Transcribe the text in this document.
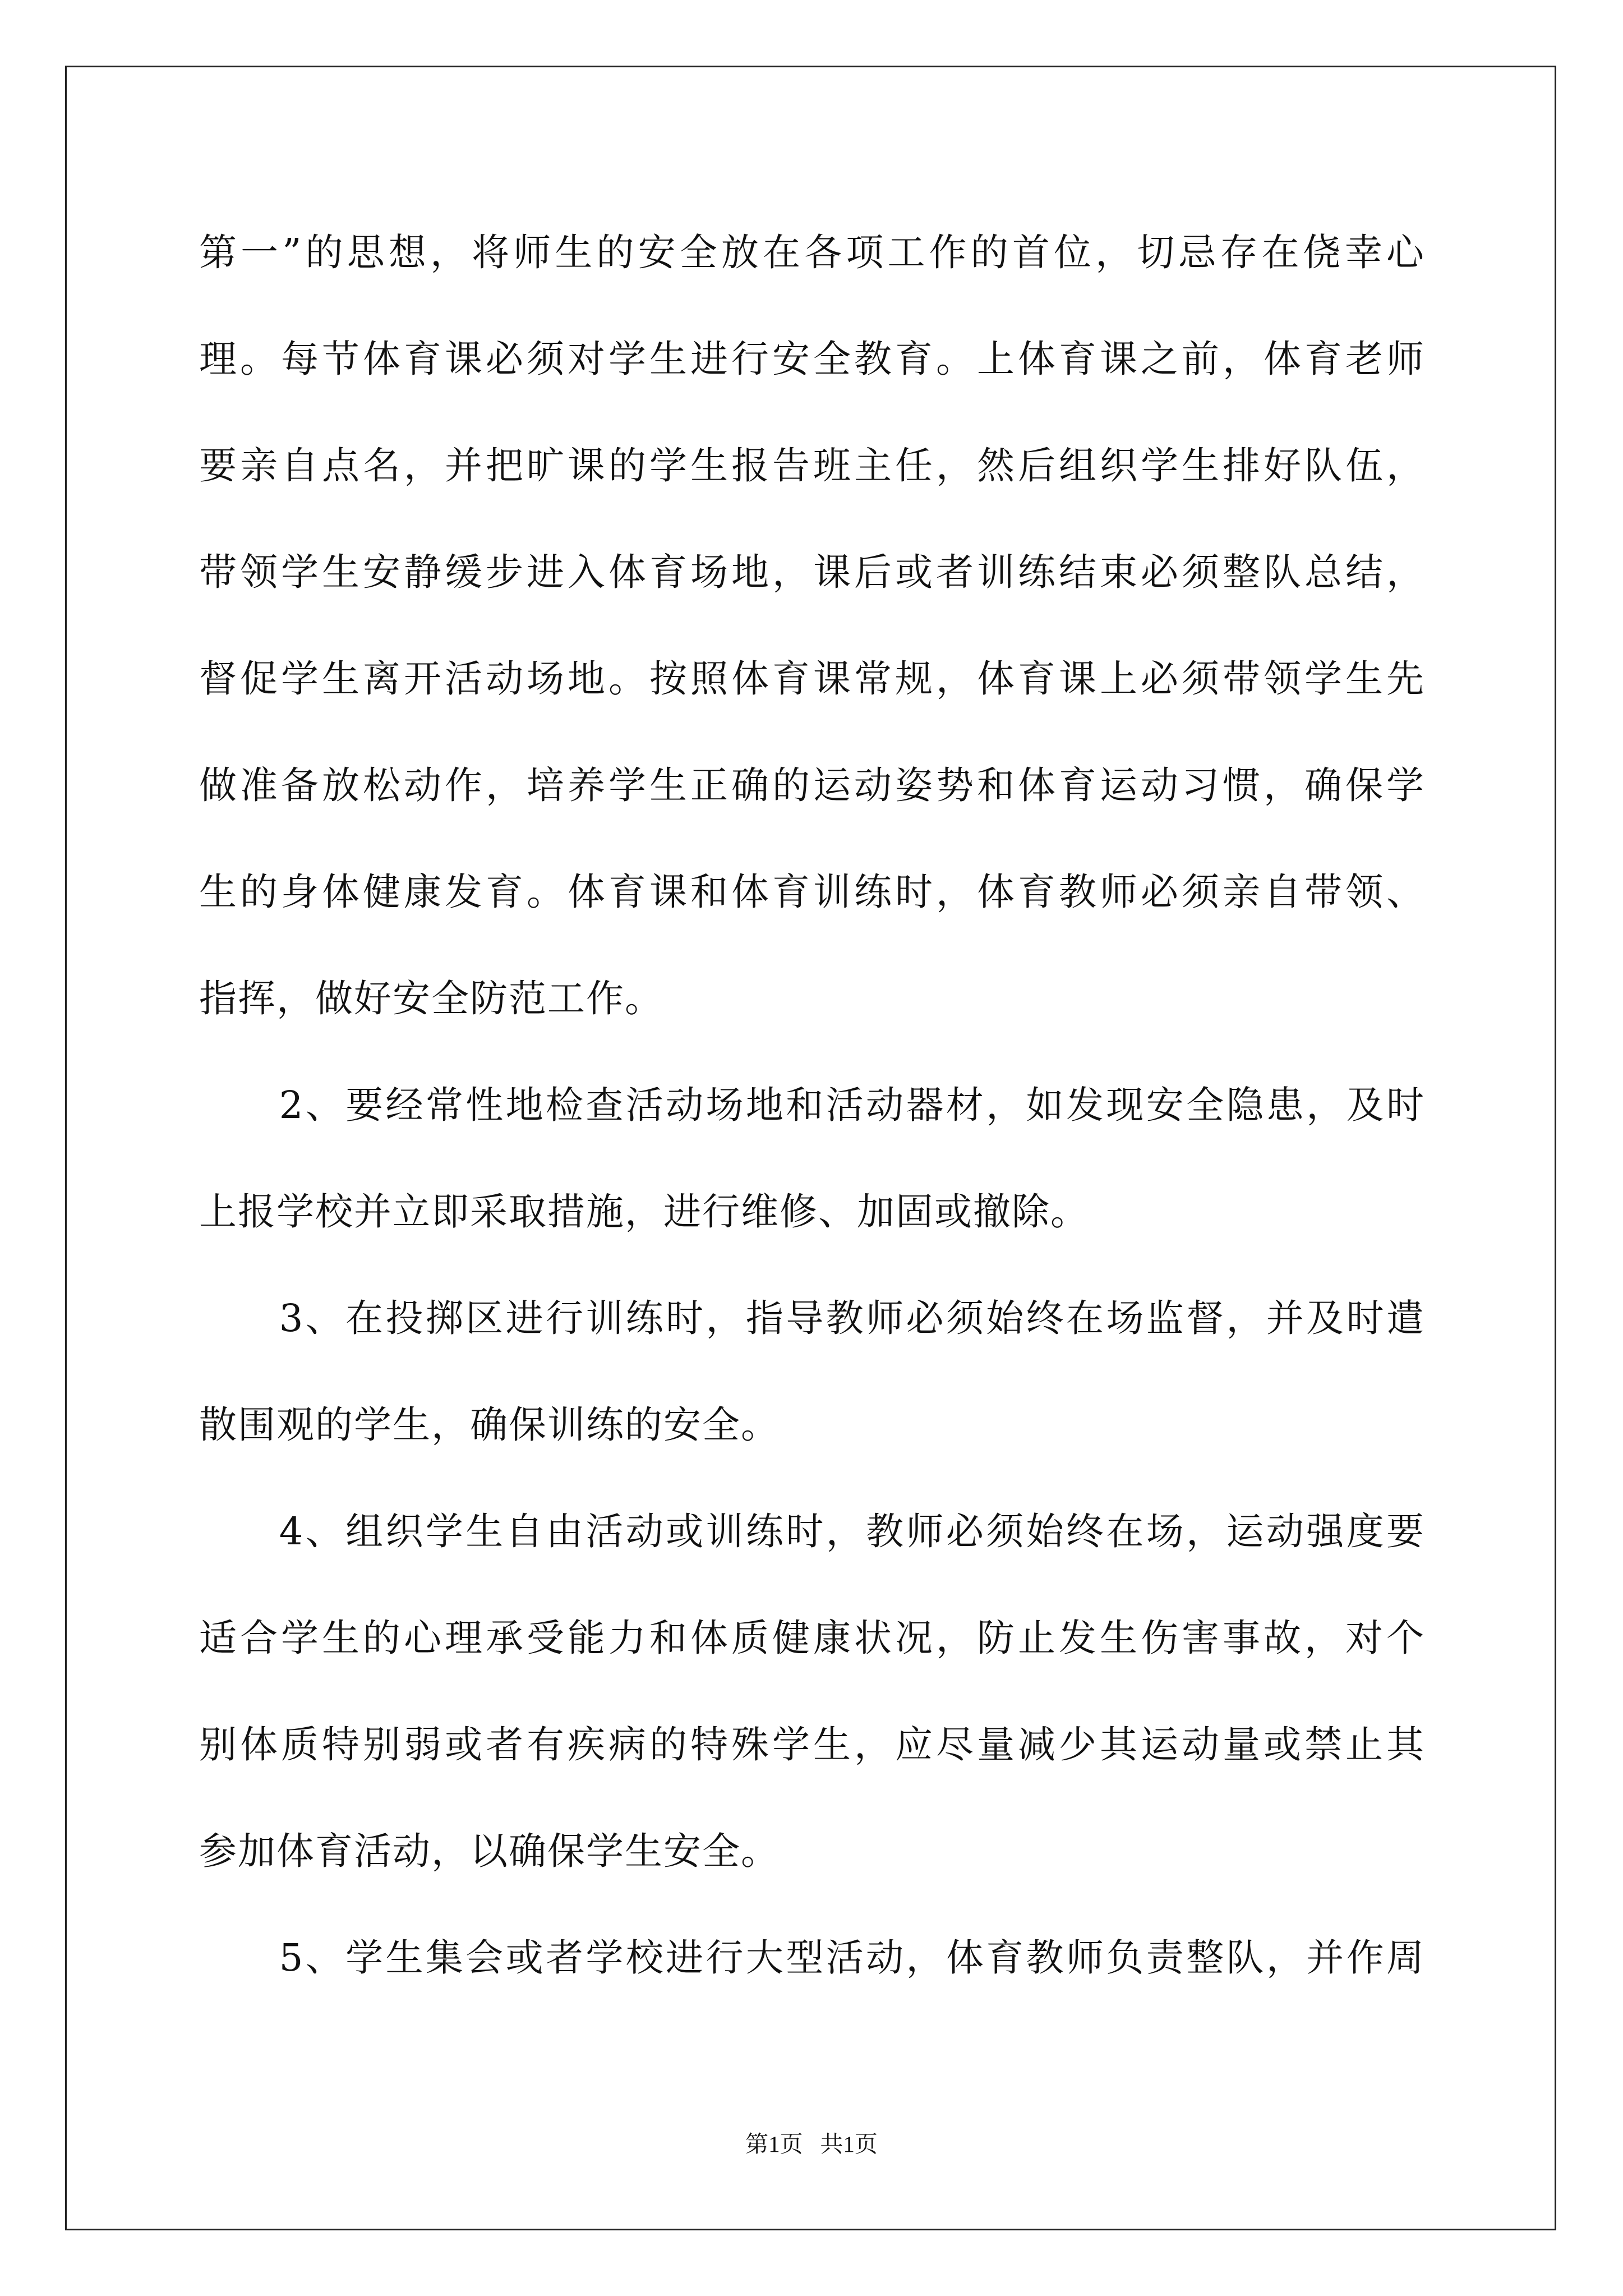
第一”的思想，将师生的安全放在各项工作的首位，切忌存在侥幸心
理。每节体育课必须对学生进行安全教育。上体育课之前，体育老师
要亲自点名，并把旷课的学生报告班主任，然后组织学生排好队伍，
带领学生安静缓步进入体育场地，课后或者训练结束必须整队总结，
督促学生离开活动场地。按照体育课常规，体育课上必须带领学生先
做准备放松动作，培养学生正确的运动姿势和体育运动习惯，确保学
生的身体健康发育。体育课和体育训练时，体育教师必须亲自带领、
指挥，做好安全防范工作。
　　2、要经常性地检查活动场地和活动器材，如发现安全隐患，及时
上报学校并立即采取措施，进行维修、加固或撤除。
　　3、在投掷区进行训练时，指导教师必须始终在场监督，并及时遣
散围观的学生，确保训练的安全。
　　4、组织学生自由活动或训练时，教师必须始终在场，运动强度要
适合学生的心理承受能力和体质健康状况，防止发生伤害事故，对个
别体质特别弱或者有疾病的特殊学生，应尽量减少其运动量或禁止其
参加体育活动，以确保学生安全。
　　5、学生集会或者学校进行大型活动，体育教师负责整队，并作周
第1页   共1页
